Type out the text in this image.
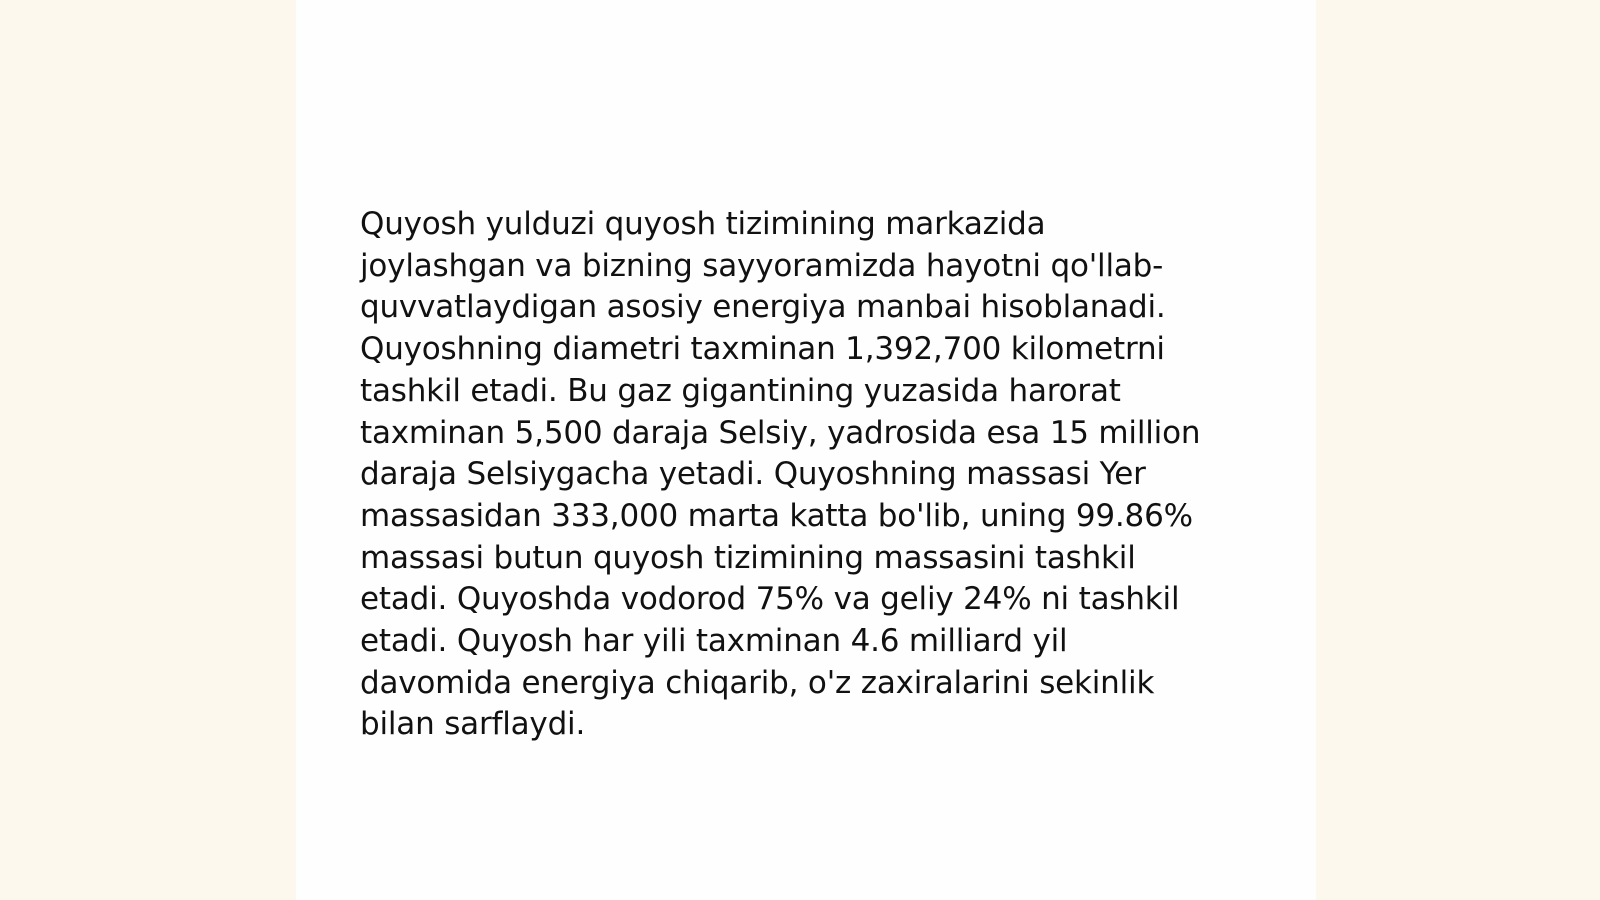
Quyosh yulduzi quyosh tizimining markazida
joylashgan va bizning sayyoramizda hayotni qo'llab-
quvvatlaydigan asosiy energiya manbai hisoblanadi.
Quyoshning diametri taxminan 1,392,700 kilometrni
tashkil etadi. Bu gaz gigantining yuzasida harorat
taxminan 5,500 daraja Selsiy, yadrosida esa 15 million
daraja Selsiygacha yetadi. Quyoshning massasi Yer
massasidan 333,000 marta katta bo'lib, uning 99.86%
massasi butun quyosh tizimining massasini tashkil
etadi. Quyoshda vodorod 75% va geliy 24% ni tashkil
etadi. Quyosh har yili taxminan 4.6 milliard yil
davomida energiya chiqarib, o'z zaxiralarini sekinlik
bilan sarflaydi.
